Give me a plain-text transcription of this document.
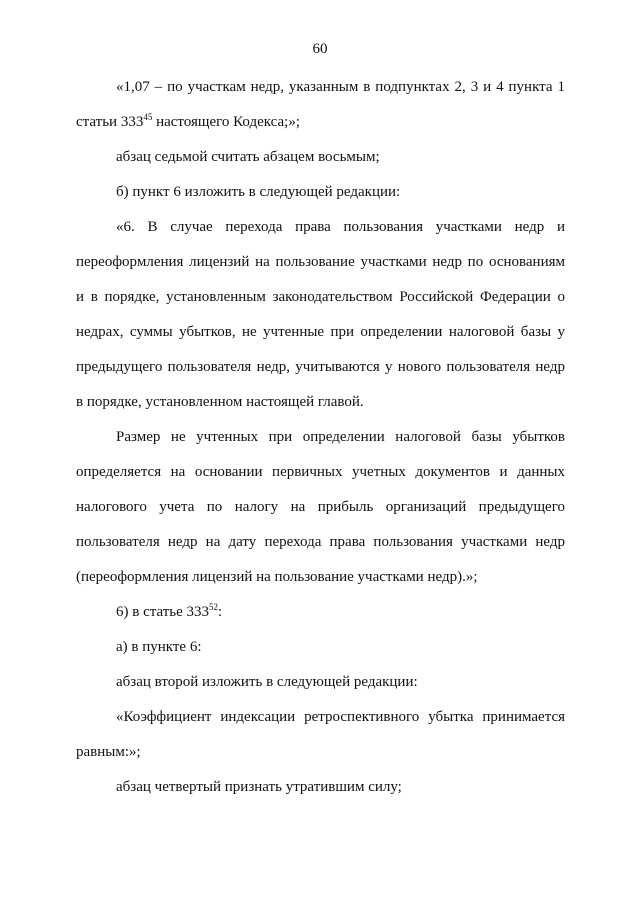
60
«1,07 – по участкам недр, указанным в подпунктах 2, 3 и 4 пункта 1
статьи $333^{45}$ настоящего Кодекса;»;
абзац седьмой считать абзацем восьмым;
б) пункт 6 изложить в следующей редакции:
«6. В случае перехода права пользования участками недр и
переоформления лицензий на пользование участками недр по основаниям
и в порядке, установленным законодательством Российской Федерации о
недрах, суммы убытков, не учтенные при определении налоговой базы у
предыдущего пользователя недр, учитываются у нового пользователя недр
в порядке, установленном настоящей главой.
Размер не учтенных при определении налоговой базы убытков
определяется на основании первичных учетных документов и данных
налогового учета по налогу на прибыль организаций предыдущего
пользователя недр на дату перехода права пользования участками недр
(переоформления лицензий на пользование участками недр).»;
6) в статье $333^{52}$:
а) в пункте 6:
абзац второй изложить в следующей редакции:
«Коэффициент индексации ретроспективного убытка принимается
равным:»;
абзац четвертый признать утратившим силу;
